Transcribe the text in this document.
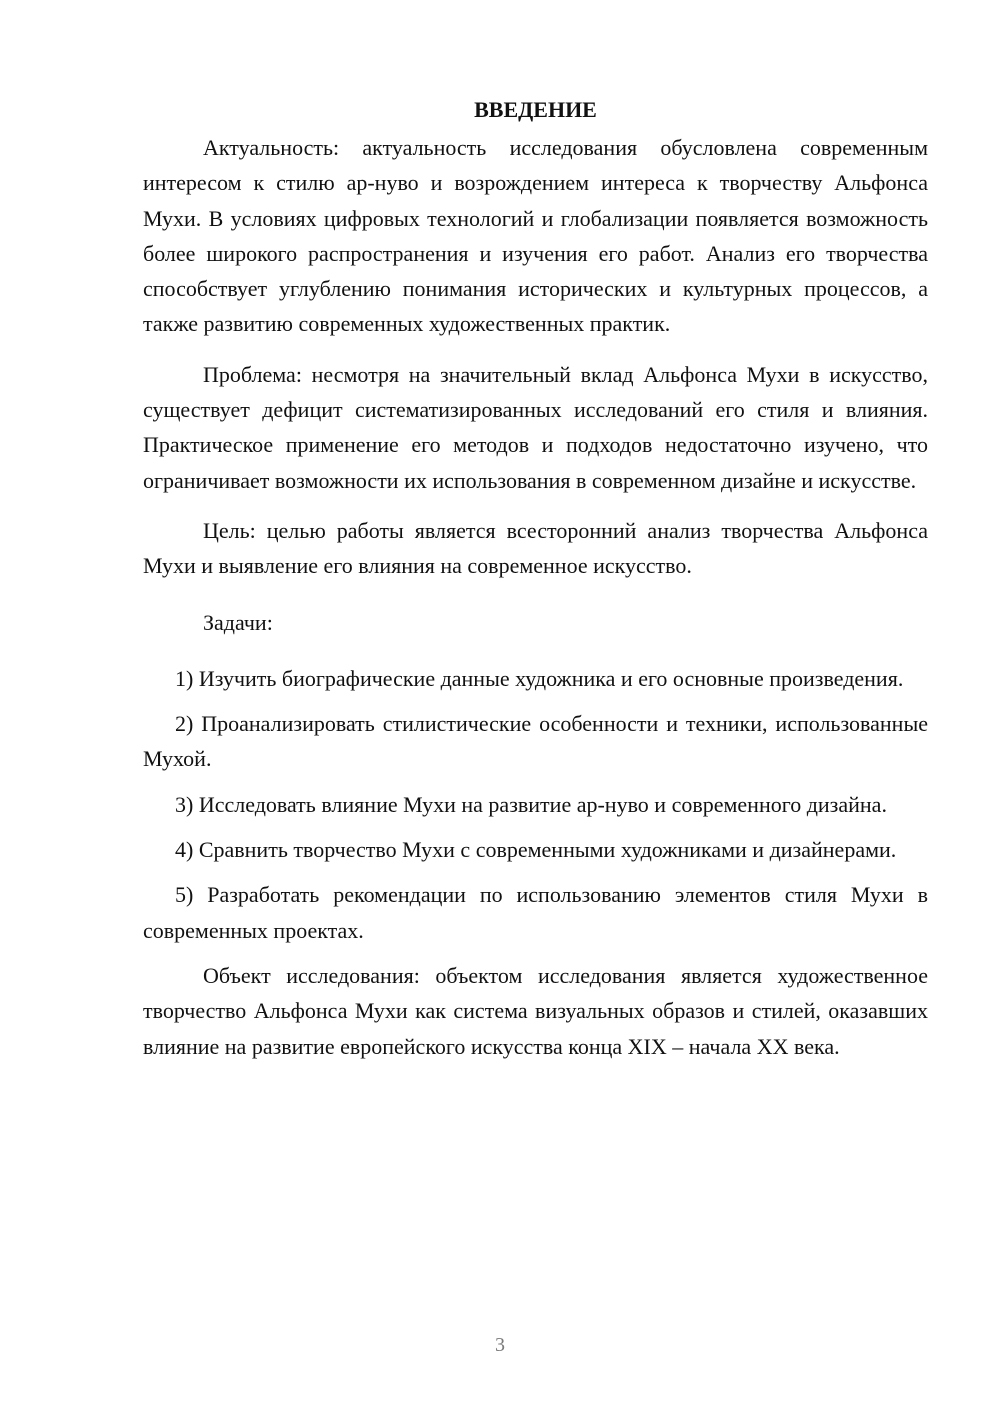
ВВЕДЕНИЕ

Актуальность: актуальность исследования обусловлена современным интересом к стилю ар-нуво и возрождением интереса к творчеству Альфонса Мухи. В условиях цифровых технологий и глобализации появляется возможность более широкого распространения и изучения его работ. Анализ его творчества способствует углублению понимания исторических и культурных процессов, а также развитию современных художественных практик.

Проблема: несмотря на значительный вклад Альфонса Мухи в искусство, существует дефицит систематизированных исследований его стиля и влияния. Практическое применение его методов и подходов недостаточно изучено, что ограничивает возможности их использования в современном дизайне и искусстве.

Цель: целью работы является всесторонний анализ творчества Альфонса Мухи и выявление его влияния на современное искусство.

Задачи:

1) Изучить биографические данные художника и его основные произведения.

2) Проанализировать стилистические особенности и техники, использованные Мухой.

3) Исследовать влияние Мухи на развитие ар-нуво и современного дизайна.

4) Сравнить творчество Мухи с современными художниками и дизайнерами.

5) Разработать рекомендации по использованию элементов стиля Мухи в современных проектах.

Объект исследования: объектом исследования является художественное творчество Альфонса Мухи как система визуальных образов и стилей, оказавших влияние на развитие европейского искусства конца XIX – начала XX века.

3
